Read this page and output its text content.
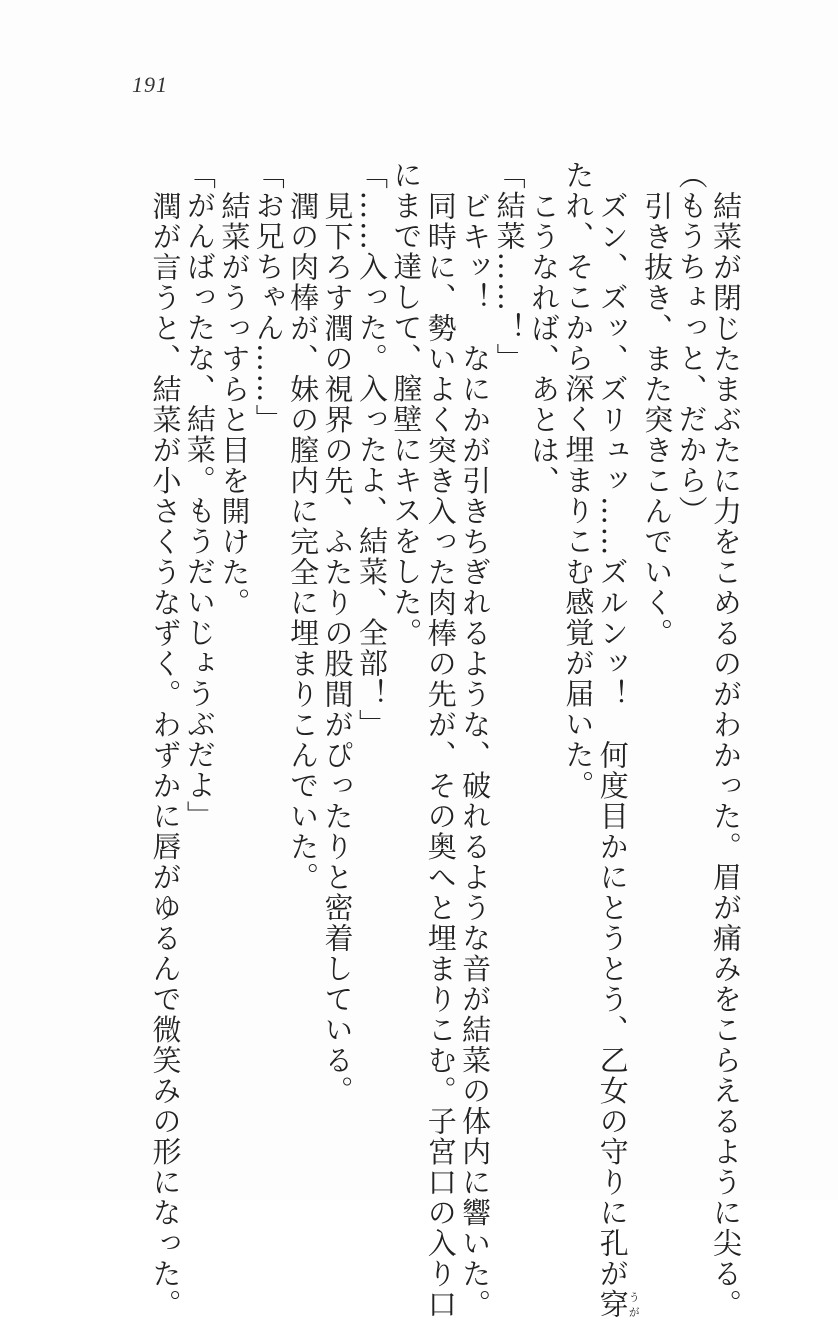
191

結菜が閉じたまぶたに力をこめるのがわかった。眉が痛みをこらえるように尖る。

（もうちょっと、だから）

引き抜き、また突きこんでいく。

ズン、ズッ、ズリュッ……ズルンッ！　何度目かにとうとう、乙女の守りに孔が穿うが

たれ、そこから深く埋まりこむ感覚が届いた。

こうなれば、あとは、

「結菜……！」

ビキッ！　なにかが引きちぎれるような、破れるような音が結菜の体内に響いた。

同時に、勢いよく突き入った肉棒の先が、その奥へと埋まりこむ。子宮口の入り口

にまで達して、膣壁にキスをした。

「……入った。入ったよ、結菜、全部！」

見下ろす潤の視界の先、ふたりの股間がぴったりと密着している。

潤の肉棒が、妹の膣内に完全に埋まりこんでいた。

「お兄ちゃん……」

結菜がうっすらと目を開けた。

「がんばったな、結菜。もうだいじょうぶだよ」

潤が言うと、結菜が小さくうなずく。わずかに唇がゆるんで微笑みの形になった。
